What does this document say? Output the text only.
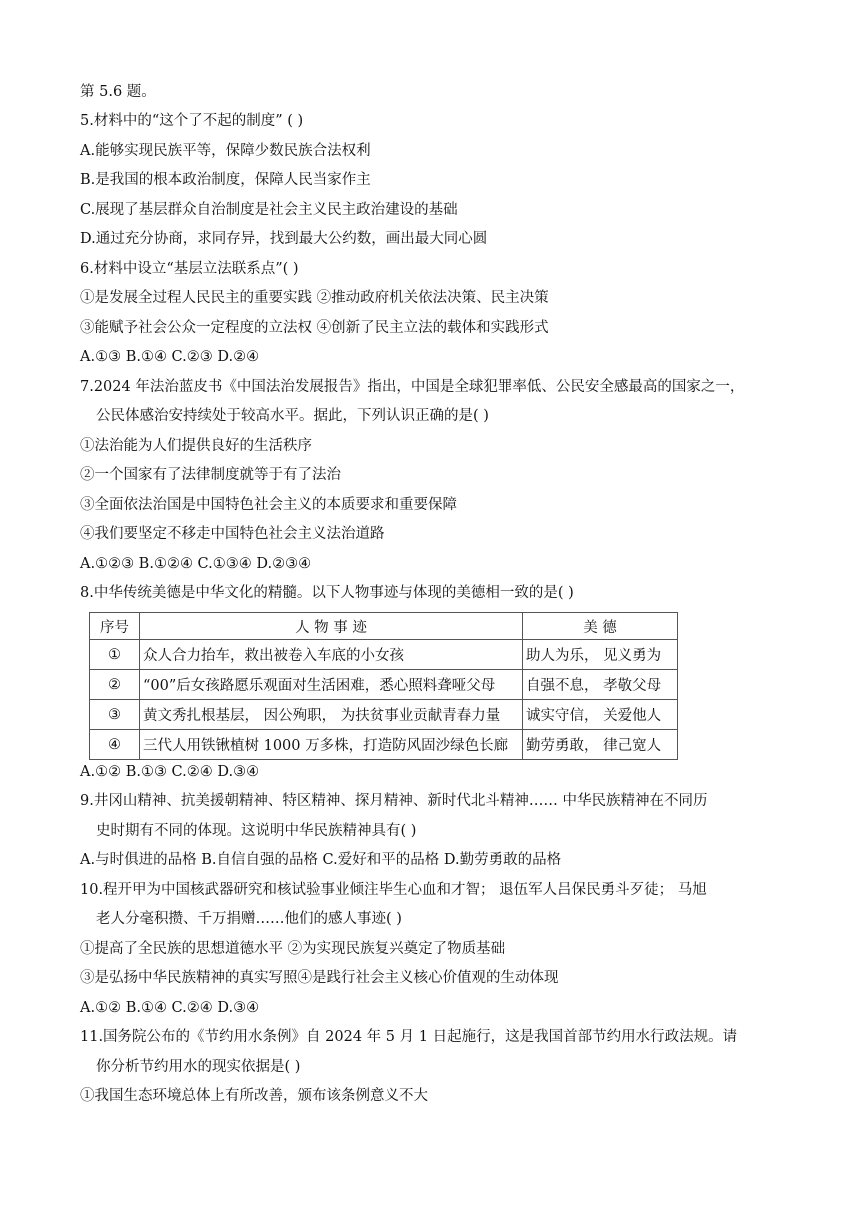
第 5.6 题。
5.材料中的“这个了不起的制度” ( )
A.能够实现民族平等，保障少数民族合法权利
B.是我国的根本政治制度，保障人民当家作主
C.展现了基层群众自治制度是社会主义民主政治建设的基础
D.通过充分协商，求同存异，找到最大公约数，画出最大同心圆
6.材料中设立“基层立法联系点”( )
①是发展全过程人民民主的重要实践 ②推动政府机关依法决策、民主决策
③能赋予社会公众一定程度的立法权 ④创新了民主立法的载体和实践形式
A.①③ B.①④ C.②③ D.②④
7.2024 年法治蓝皮书《中国法治发展报告》指出，中国是全球犯罪率低、公民安全感最高的国家之一，
公民体感治安持续处于较高水平。据此，下列认识正确的是( )
①法治能为人们提供良好的生活秩序
②一个国家有了法律制度就等于有了法治
③全面依法治国是中国特色社会主义的本质要求和重要保障
④我们要坚定不移走中国特色社会主义法治道路
A.①②③ B.①②④ C.①③④ D.②③④
8.中华传统美德是中华文化的精髓。以下人物事迹与体现的美德相一致的是( )
序号	人 物 事 迹	美 德
①	众人合力抬车，救出被卷入车底的小女孩	助人为乐， 见义勇为
②	“00”后女孩路愿乐观面对生活困难，悉心照料聋哑父母	自强不息， 孝敬父母
③	黄文秀扎根基层， 因公殉职， 为扶贫事业贡献青春力量	诚实守信， 关爱他人
④	三代人用铁锹植树 1000 万多株，打造防风固沙绿色长廊	勤劳勇敢， 律己宽人
A.①② B.①③ C.②④ D.③④
9.井冈山精神、抗美援朝精神、特区精神、探月精神、新时代北斗精神…… 中华民族精神在不同历
史时期有不同的体现。这说明中华民族精神具有( )
A.与时俱进的品格 B.自信自强的品格 C.爱好和平的品格 D.勤劳勇敢的品格
10.程开甲为中国核武器研究和核试验事业倾注毕生心血和才智； 退伍军人吕保民勇斗歹徒； 马旭
老人分毫积攒、千万捐赠……他们的感人事迹( )
①提高了全民族的思想道德水平 ②为实现民族复兴奠定了物质基础
③是弘扬中华民族精神的真实写照④是践行社会主义核心价值观的生动体现
A.①② B.①④ C.②④ D.③④
11.国务院公布的《节约用水条例》自 2024 年 5 月 1 日起施行，这是我国首部节约用水行政法规。请
你分析节约用水的现实依据是( )
①我国生态环境总体上有所改善，颁布该条例意义不大
